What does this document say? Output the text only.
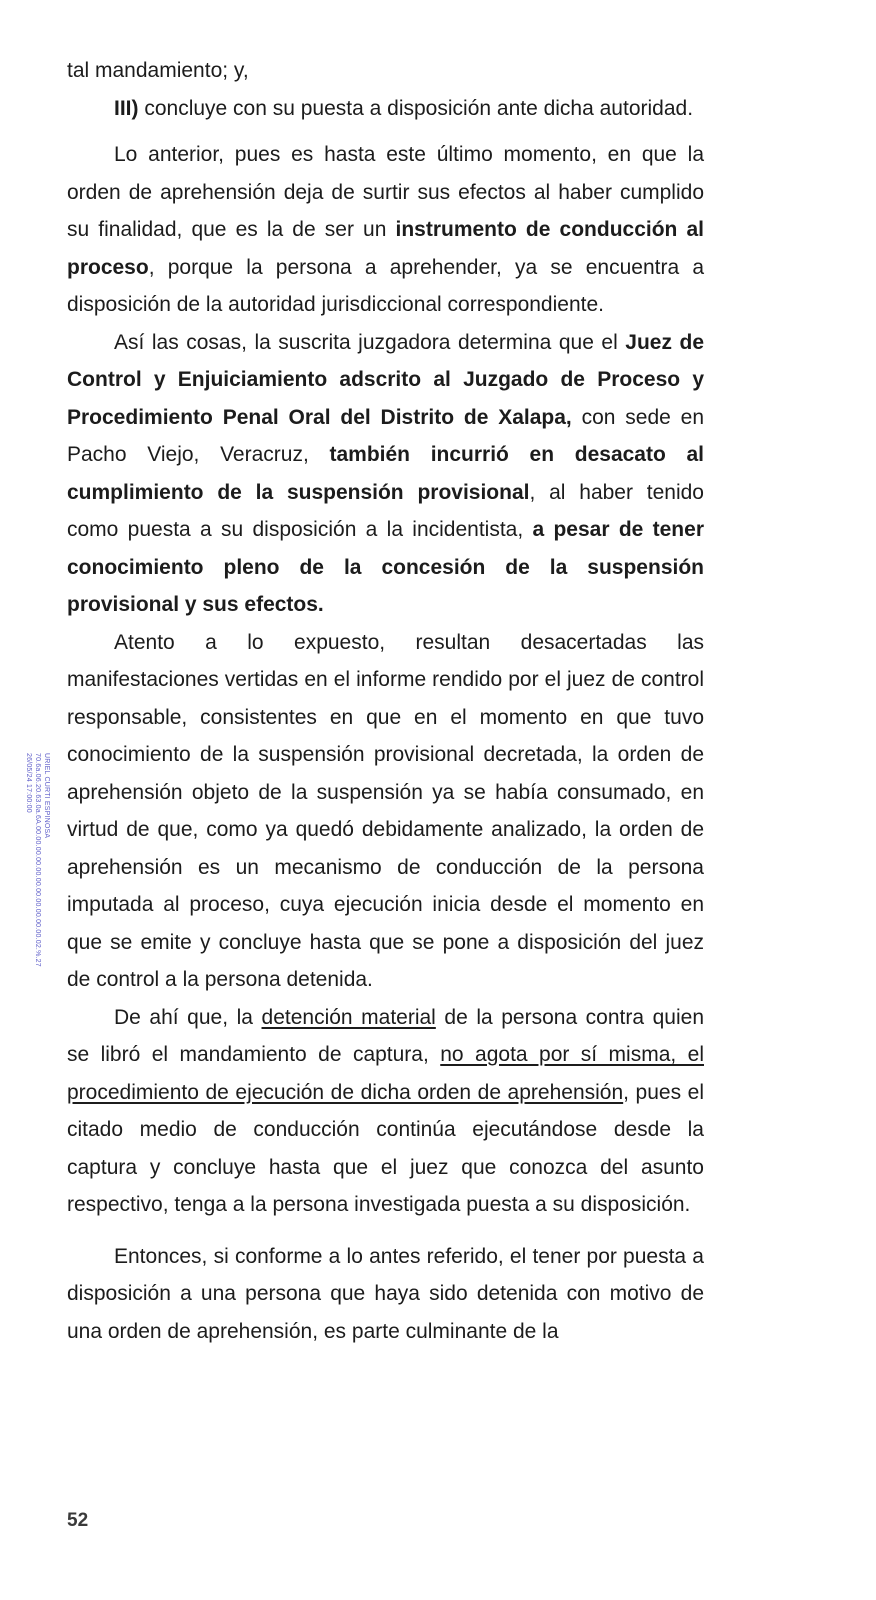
URIEL CURTI ESPINOSA
70.6a.06.20.63.0a.6A.00.00.00.00.00.00.00.00.00.00.00.02.%.27
26/05/24 17:00:00

tal mandamiento; y,

III) concluye con su puesta a disposición ante dicha autoridad.

Lo anterior, pues es hasta este último momento, en que la orden de aprehensión deja de surtir sus efectos al haber cumplido su finalidad, que es la de ser un instrumento de conducción al proceso, porque la persona a aprehender, ya se encuentra a disposición de la autoridad jurisdiccional correspondiente.

Así las cosas, la suscrita juzgadora determina que el Juez de Control y Enjuiciamiento adscrito al Juzgado de Proceso y Procedimiento Penal Oral del Distrito de Xalapa, con sede en Pacho Viejo, Veracruz, también incurrió en desacato al cumplimiento de la suspensión provisional, al haber tenido como puesta a su disposición a la incidentista, a pesar de tener conocimiento pleno de la concesión de la suspensión provisional y sus efectos.

Atento a lo expuesto, resultan desacertadas las manifestaciones vertidas en el informe rendido por el juez de control responsable, consistentes en que en el momento en que tuvo conocimiento de la suspensión provisional decretada, la orden de aprehensión objeto de la suspensión ya se había consumado, en virtud de que, como ya quedó debidamente analizado, la orden de aprehensión es un mecanismo de conducción de la persona imputada al proceso, cuya ejecución inicia desde el momento en que se emite y concluye hasta que se pone a disposición del juez de control a la persona detenida.

De ahí que, la detención material de la persona contra quien se libró el mandamiento de captura, no agota por sí misma, el procedimiento de ejecución de dicha orden de aprehensión, pues el citado medio de conducción continúa ejecutándose desde la captura y concluye hasta que el juez que conozca del asunto respectivo, tenga a la persona investigada puesta a su disposición.

Entonces, si conforme a lo antes referido, el tener por puesta a disposición a una persona que haya sido detenida con motivo de una orden de aprehensión, es parte culminante de la

52
